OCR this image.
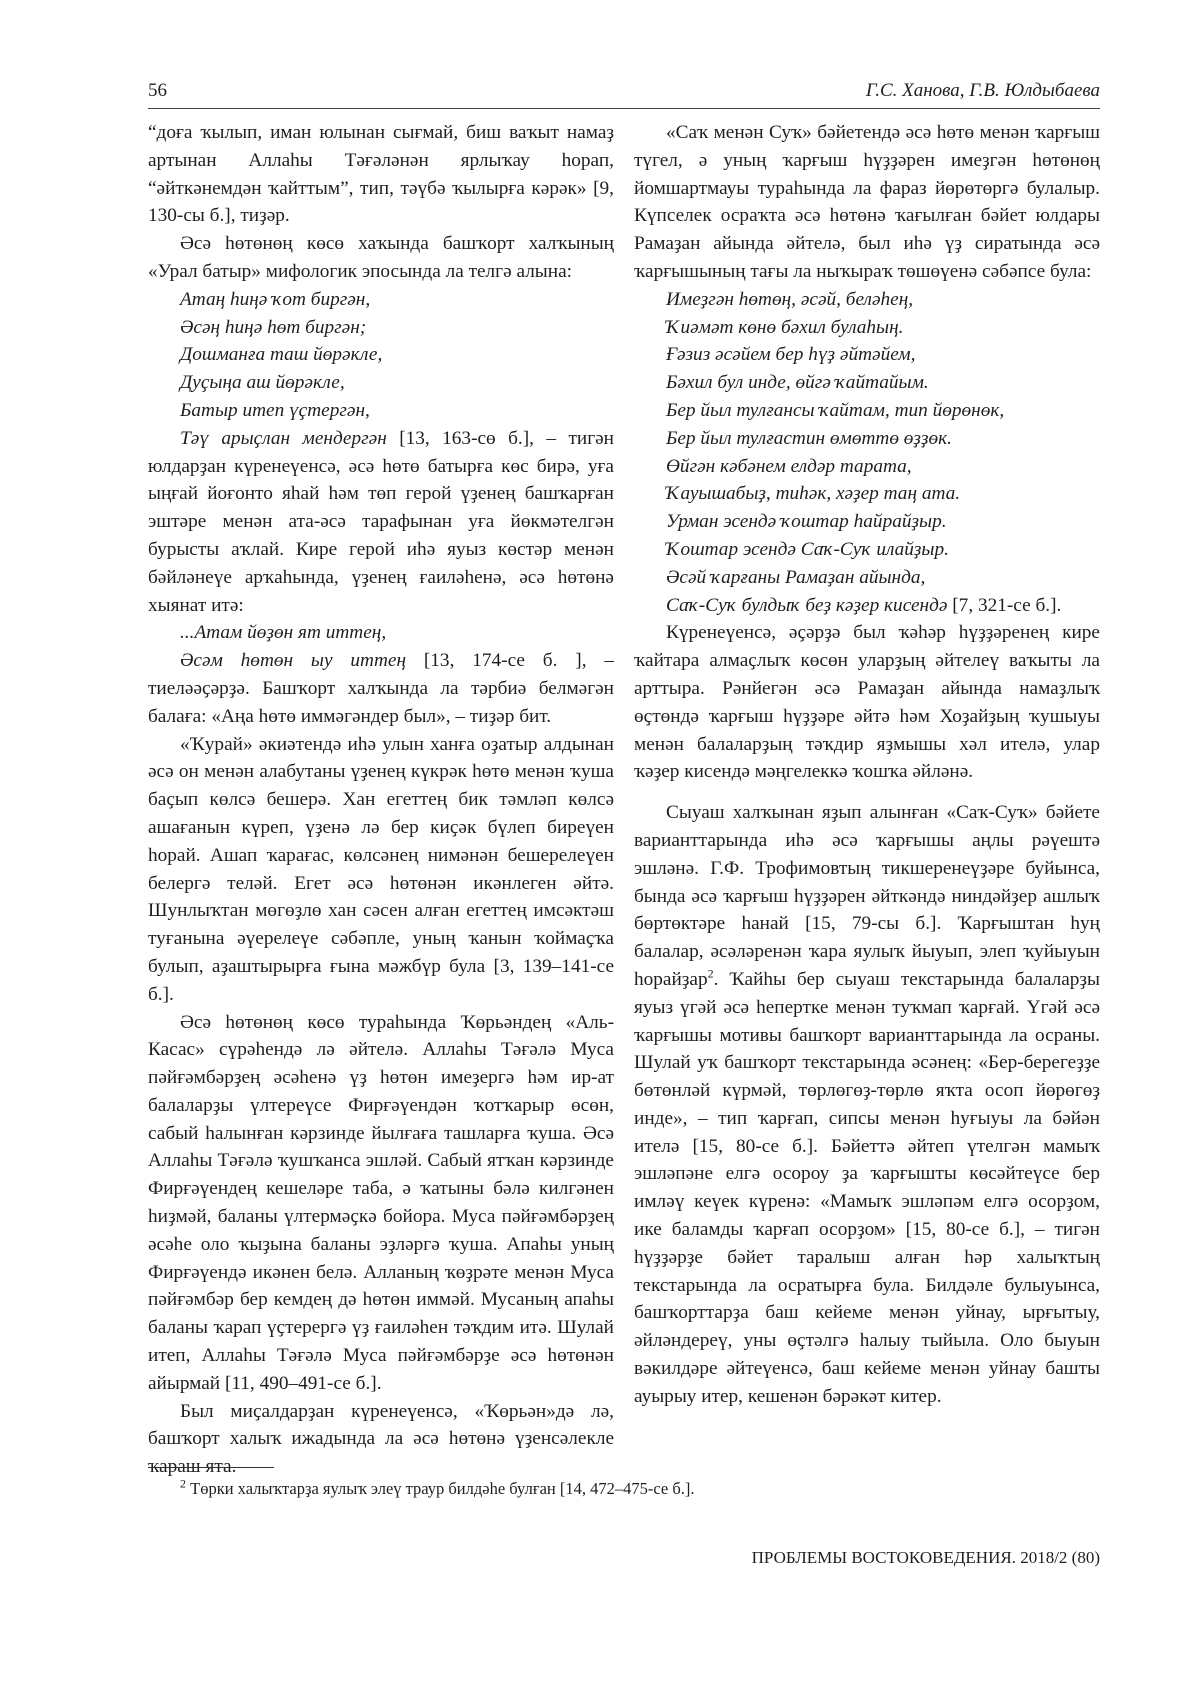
56	Г.С. Ханова, Г.В. Юлдыбаева

“доға ҡылып, иман юлынан сығмай, биш ваҡыт намаҙ артынан Аллаһы Тәғәләнән ярлыҡау һорап, “әйткәнемдән ҡайттым”, тип, тәүбә ҡылырға кәрәк» [9, 130-сы б.], тиҙәр.

Әсә һөтөнөң көсө хаҡында башҡорт халҡының «Урал батыр» мифологик эпосында ла телгә алына:

Атаң һиңә ҡот биргән,
Әсәң һиңә һөт биргән;
Дошманға таш йөрәкле,
Дуҫыңа аш йөрәкле,
Батыр итеп үҫтергән,

Тәү арыҫлан мендергән [13, 163-сө б.], – тигән юлдарҙан күренеүенсә, әсә һөтө батырға көс бирә, уға ыңғай йоғонто яһай һәм төп герой үҙенең башҡарған эштәре менән ата-әсә тарафынан уға йөкмәтелгән бурысты аҡлай. Кире герой иһә яуыз көстәр менән бәйләнеүе арҡаһында, үҙенең ғаиләһенә, әсә һөтөнә хыянат итә:

...Атам йөҙөн ят иттең,

Әсәм һөтөн ыу иттең [13, 174-се б. ], – тиеләәҫәрҙә. Башҡорт халҡында ла тәрбиә белмәгән балаға: «Аңа һөтө иммәгәндер был», – тиҙәр бит.

«Ҡурай» әкиәтендә иһә улын ханға оҙатыр алдынан әсә он менән алабутаны үҙенең күкрәк һөтө менән ҡуша баҫып көлсә бешерә. Хан егеттең бик тәмләп көлсә ашағанын күреп, үҙенә лә бер киҫәк бүлеп биреүен һорай. Ашап ҡарағас, көлсәнең нимәнән бешерелеүен белергә теләй. Егет әсә һөтөнән икәнлеген әйтә. Шунлыҡтан мөгөҙлө хан сәсен алған егеттең имсәктәш туғанына әүерелеүе сәбәпле, уның ҡанын ҡоймаҫҡа булып, аҙаштырырға ғына мәжбүр була [3, 139–141-се б.].

Әсә һөтөнөң көсө тураһында Ҡөрьәндең «Аль-Касас» сүрәһендә лә әйтелә. Аллаһы Тәғәлә Муса пәйғәмбәрҙең әсәһенә үҙ һөтөн имеҙергә һәм ир-ат балаларҙы үлтереүсе Фирғәүендән ҡотҡарыр өсөн, сабый һалынған кәрзинде йылғаға ташларға ҡуша. Әсә Аллаһы Тәғәлә ҡушҡанса эшләй. Сабый ятҡан кәрзинде Фирғәүендең кешеләре таба, ә ҡатыны бәлә килгәнен һиҙмәй, баланы үлтермәҫкә бойора. Муса пәйғәмбәрҙең әсәһе оло ҡыҙына баланы эҙләргә ҡуша. Апаһы уның Фирғәүендә икәнен белә. Алланың ҡөҙрәте менән Муса пәйғәмбәр бер кемдең дә һөтөн иммәй. Мусаның апаһы баланы ҡарап үҫтерергә үҙ ғаиләһен тәҡдим итә. Шулай итеп, Аллаһы Тәғәлә Муса пәйғәмбәрҙе әсә һөтөнән айырмай [11, 490–491-се б.].

Был миҫалдарҙан күренеүенсә, «Ҡөрьән»дә лә, башҡорт халыҡ ижадында ла әсә һөтөнә үҙенсәлекле ҡараш ята.

«Саҡ менән Суҡ» бәйетендә әсә һөтө менән ҡарғыш түгел, ә уның ҡарғыш һүҙҙәрен имеҙгән һөтөнөң йомшартмауы тураһында ла фараз йөрөтөргә булалыр. Күпселек осраҡта әсә һөтөнә ҡағылған бәйет юлдары Рамаҙан айында әйтелә, был иһә үҙ сиратында әсә ҡарғышының тағы ла ныҡыраҡ төшөүенә сәбәпсе була:

Имеҙгән һөтөң, әсәй, беләһең,
Ҡиәмәт көнө бәхил булаһың.
Ғәзиз әсәйем бер һүҙ әйтәйем,
Бәхил бул инде, өйгә ҡайтайым.
Бер йыл тулғансы ҡайтам, тип йөрөнөк,
Бер йыл тулғастин өмөттө өҙҙөк.
Өйгән кәбәнем елдәр тарата,
Ҡауышабыҙ, тиһәк, хәҙер таң ата.
Урман эсендә ҡоштар һайрайҙыр.
Ҡоштар эсендә Саҡ-Суҡ илайҙыр.
Әсәй ҡарғаны Рамаҙан айында,
Саҡ-Суҡ булдыҡ беҙ кәҙер кисендә [7, 321-се б.].

Күренеүенсә, әҫәрҙә был ҡәһәр һүҙҙәренең кире ҡайтара алмаҫлыҡ көсөн уларҙың әйтелеү ваҡыты ла арттыра. Рәнйегән әсә Рамаҙан айында намаҙлыҡ өҫтөндә ҡарғыш һүҙҙәре әйтә һәм Хоҙайҙың ҡушыуы менән балаларҙың тәҡдир яҙмышы хәл ителә, улар ҡәҙер кисендә мәңгелеккә ҡошҡа әйләнә.

Сыуаш халҡынан яҙып алынған «Саҡ-Суҡ» бәйете варианттарында иһә әсә ҡарғышы аңлы рәүештә эшләнә. Г.Ф. Трофимовтың тикшеренеүҙәре буйынса, бында әсә ҡарғыш һүҙҙәрен әйткәндә ниндәйҙер ашлыҡ бөртөктәре һанай [15, 79-сы б.]. Ҡарғыштан һуң балалар, әсәләренән ҡара яулыҡ йыуып, элеп ҡуйыуын һорайҙар$^2$. Ҡайһы бер сыуаш текстарында балаларҙы яуыз үгәй әсә һепертке менән туҡмап ҡарғай. Үгәй әсә ҡарғышы мотивы башҡорт варианттарында ла осраны. Шулай уҡ башҡорт текстарында әсәнең: «Бер-берегеҙҙе бөтөнләй күрмәй, төрлөгөҙ-төрлө яҡта осоп йөрөгөҙ инде», – тип ҡарғап, сипсы менән һуғыуы ла бәйән ителә [15, 80-се б.]. Бәйеттә әйтеп үтелгән мамыҡ эшләпәне елгә осороу ҙа ҡарғышты көсәйтеүсе бер имләү кеүек күренә: «Мамыҡ эшләпәм елгә осорҙом, ике баламды ҡарғап осорҙом» [15, 80-се б.], – тигән һүҙҙәрҙе бәйет таралыш алған һәр халыҡтың текстарында ла осратырға була. Билдәле булыуынса, башҡорттарҙа баш кейеме менән уйнау, ырғытыу, әйләндереү, уны өҫтәлгә һалыу тыйыла. Оло быуын вәкилдәре әйтеүенсә, баш кейеме менән уйнау башты ауырыу итер, кешенән бәрәкәт китер.

$^2$ Төрки халыҡтарҙа яулыҡ элеү траур билдәһе булған [14, 472–475-се б.].
ПРОБЛЕМЫ ВОСТОКОВЕДЕНИЯ. 2018/2 (80)
